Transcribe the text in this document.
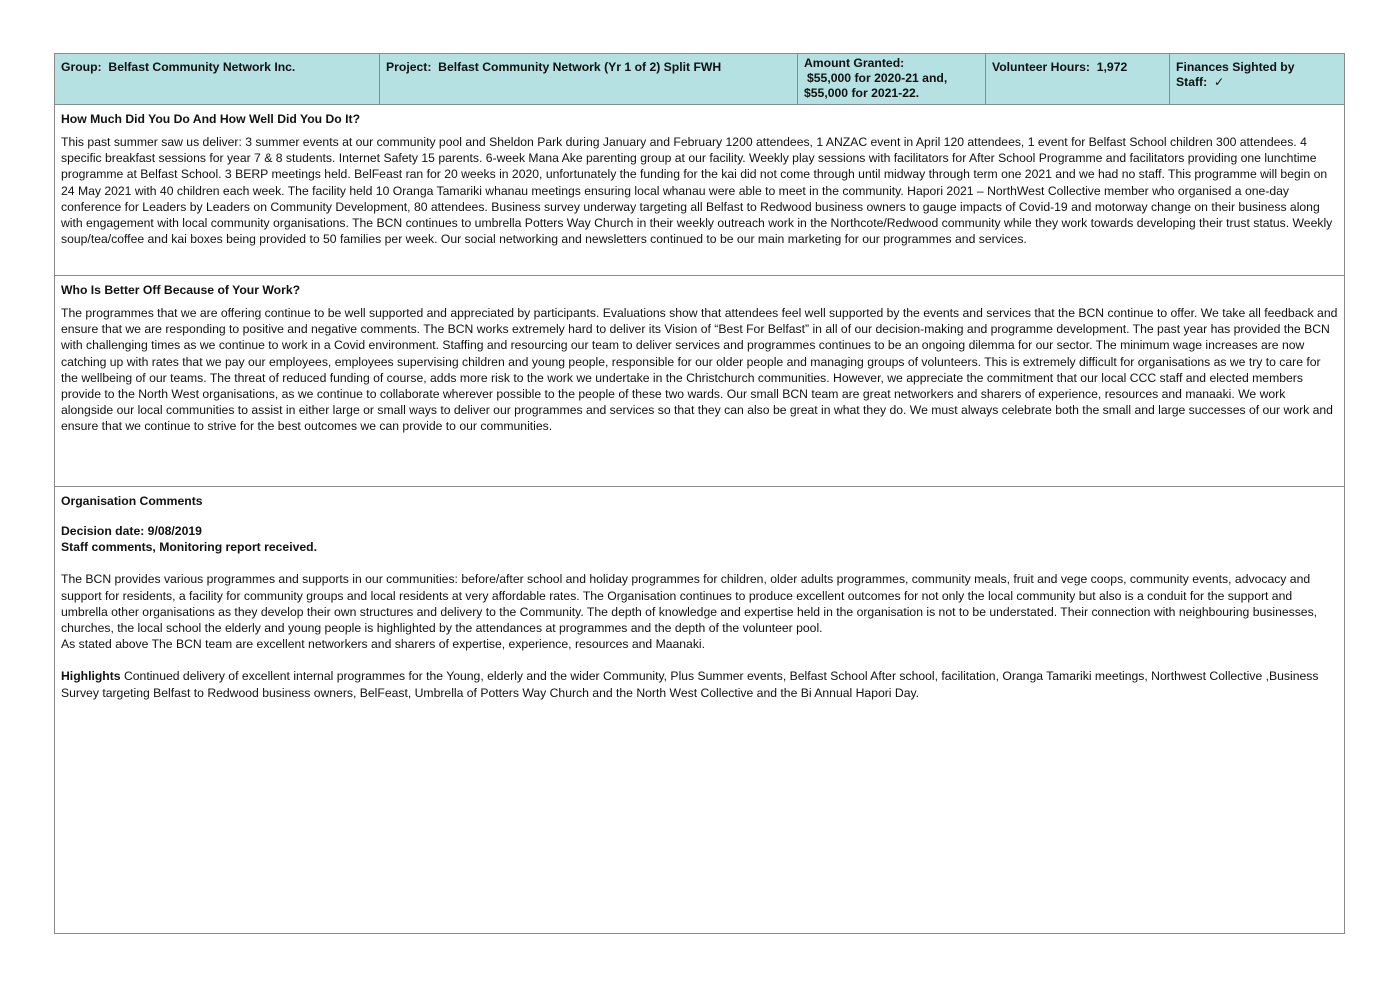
Group: Belfast Community Network Inc.	Project: Belfast Community Network (Yr 1 of 2) Split FWH	Amount Granted:
$55,000 for 2020-21 and,
$55,000 for 2021-22.
Volunteer Hours: 1,972	Finances Sighted by Staff: ✓

How Much Did You Do And How Well Did You Do It?

This past summer saw us deliver: 3 summer events at our community pool and Sheldon Park during January and February 1200 attendees, 1 ANZAC event in April 120 attendees, 1 event for Belfast School children 300 attendees. 4 specific breakfast sessions for year 7 & 8 students. Internet Safety 15 parents. 6-week Mana Ake parenting group at our facility. Weekly play sessions with facilitators for After School Programme and facilitators providing one lunchtime programme at Belfast School. 3 BERP meetings held. BelFeast ran for 20 weeks in 2020, unfortunately the funding for the kai did not come through until midway through term one 2021 and we had no staff. This programme will begin on 24 May 2021 with 40 children each week. The facility held 10 Oranga Tamariki whanau meetings ensuring local whanau were able to meet in the community. Hapori 2021 – NorthWest Collective member who organised a one-day conference for Leaders by Leaders on Community Development, 80 attendees. Business survey underway targeting all Belfast to Redwood business owners to gauge impacts of Covid-19 and motorway change on their business along with engagement with local community organisations. The BCN continues to umbrella Potters Way Church in their weekly outreach work in the Northcote/Redwood community while they work towards developing their trust status. Weekly soup/tea/coffee and kai boxes being provided to 50 families per week. Our social networking and newsletters continued to be our main marketing for our programmes and services.

Who Is Better Off Because of Your Work?

The programmes that we are offering continue to be well supported and appreciated by participants. Evaluations show that attendees feel well supported by the events and services that the BCN continue to offer. We take all feedback and ensure that we are responding to positive and negative comments. The BCN works extremely hard to deliver its Vision of “Best For Belfast” in all of our decision-making and programme development. The past year has provided the BCN with challenging times as we continue to work in a Covid environment. Staffing and resourcing our team to deliver services and programmes continues to be an ongoing dilemma for our sector. The minimum wage increases are now catching up with rates that we pay our employees, employees supervising children and young people, responsible for our older people and managing groups of volunteers. This is extremely difficult for organisations as we try to care for the wellbeing of our teams. The threat of reduced funding of course, adds more risk to the work we undertake in the Christchurch communities. However, we appreciate the commitment that our local CCC staff and elected members provide to the North West organisations, as we continue to collaborate wherever possible to the people of these two wards. Our small BCN team are great networkers and sharers of experience, resources and manaaki. We work alongside our local communities to assist in either large or small ways to deliver our programmes and services so that they can also be great in what they do. We must always celebrate both the small and large successes of our work and ensure that we continue to strive for the best outcomes we can provide to our communities.

Organisation Comments

Decision date: 9/08/2019
Staff comments, Monitoring report received.

The BCN provides various programmes and supports in our communities: before/after school and holiday programmes for children, older adults programmes, community meals, fruit and vege coops, community events, advocacy and support for residents, a facility for community groups and local residents at very affordable rates. The Organisation continues to produce excellent outcomes for not only the local community but also is a conduit for the support and umbrella other organisations as they develop their own structures and delivery to the Community. The depth of knowledge and expertise held in the organisation is not to be understated. Their connection with neighbouring businesses, churches, the local school the elderly and young people is highlighted by the attendances at programmes and the depth of the volunteer pool.

As stated above The BCN team are excellent networkers and sharers of expertise, experience, resources and Maanaki.

Highlights Continued delivery of excellent internal programmes for the Young, elderly and the wider Community, Plus Summer events, Belfast School After school, facilitation, Oranga Tamariki meetings, Northwest Collective ,Business Survey targeting Belfast to Redwood business owners, BelFeast, Umbrella of Potters Way Church and the North West Collective and the Bi Annual Hapori Day.
